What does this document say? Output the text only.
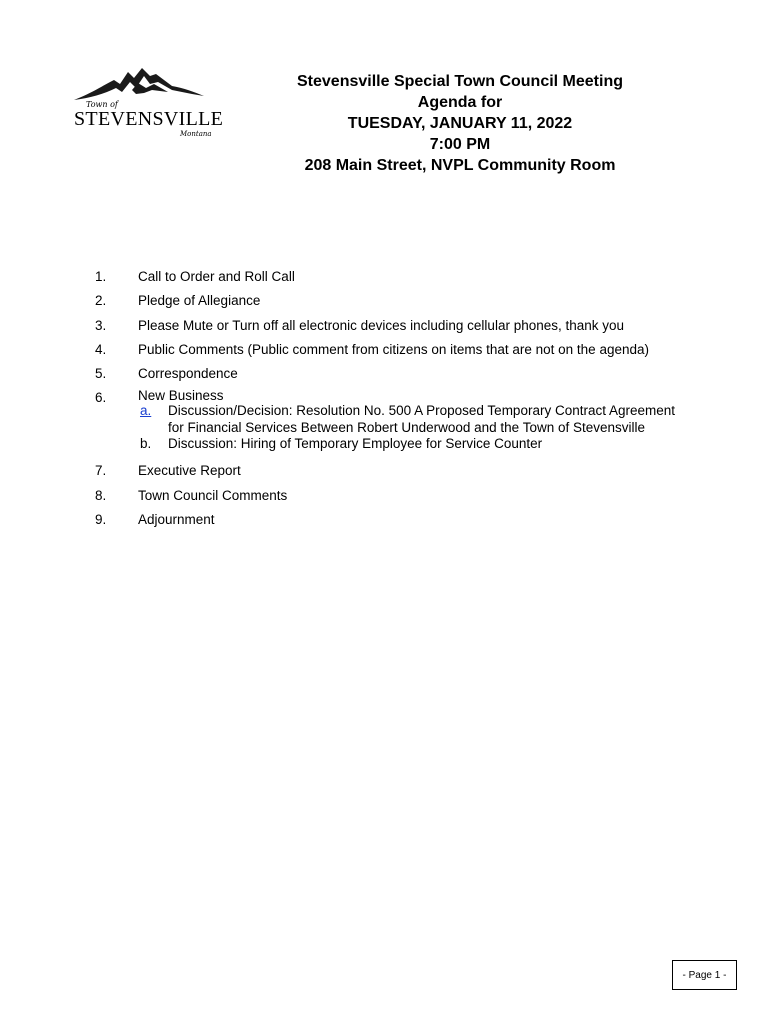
Town of
STEVENSVILLE
Montana
Stevensville Special Town Council Meeting
Agenda for
TUESDAY, JANUARY 11, 2022
7:00 PM
208 Main Street, NVPL Community Room
1. Call to Order and Roll Call
2. Pledge of Allegiance
3. Please Mute or Turn off all electronic devices including cellular phones, thank you
4. Public Comments (Public comment from citizens on items that are not on the agenda)
5. Correspondence
6. New Business
a. Discussion/Decision: Resolution No. 500 A Proposed Temporary Contract Agreement
for Financial Services Between Robert Underwood and the Town of Stevensville
b. Discussion: Hiring of Temporary Employee for Service Counter
7. Executive Report
8. Town Council Comments
9. Adjournment
- Page 1 -
